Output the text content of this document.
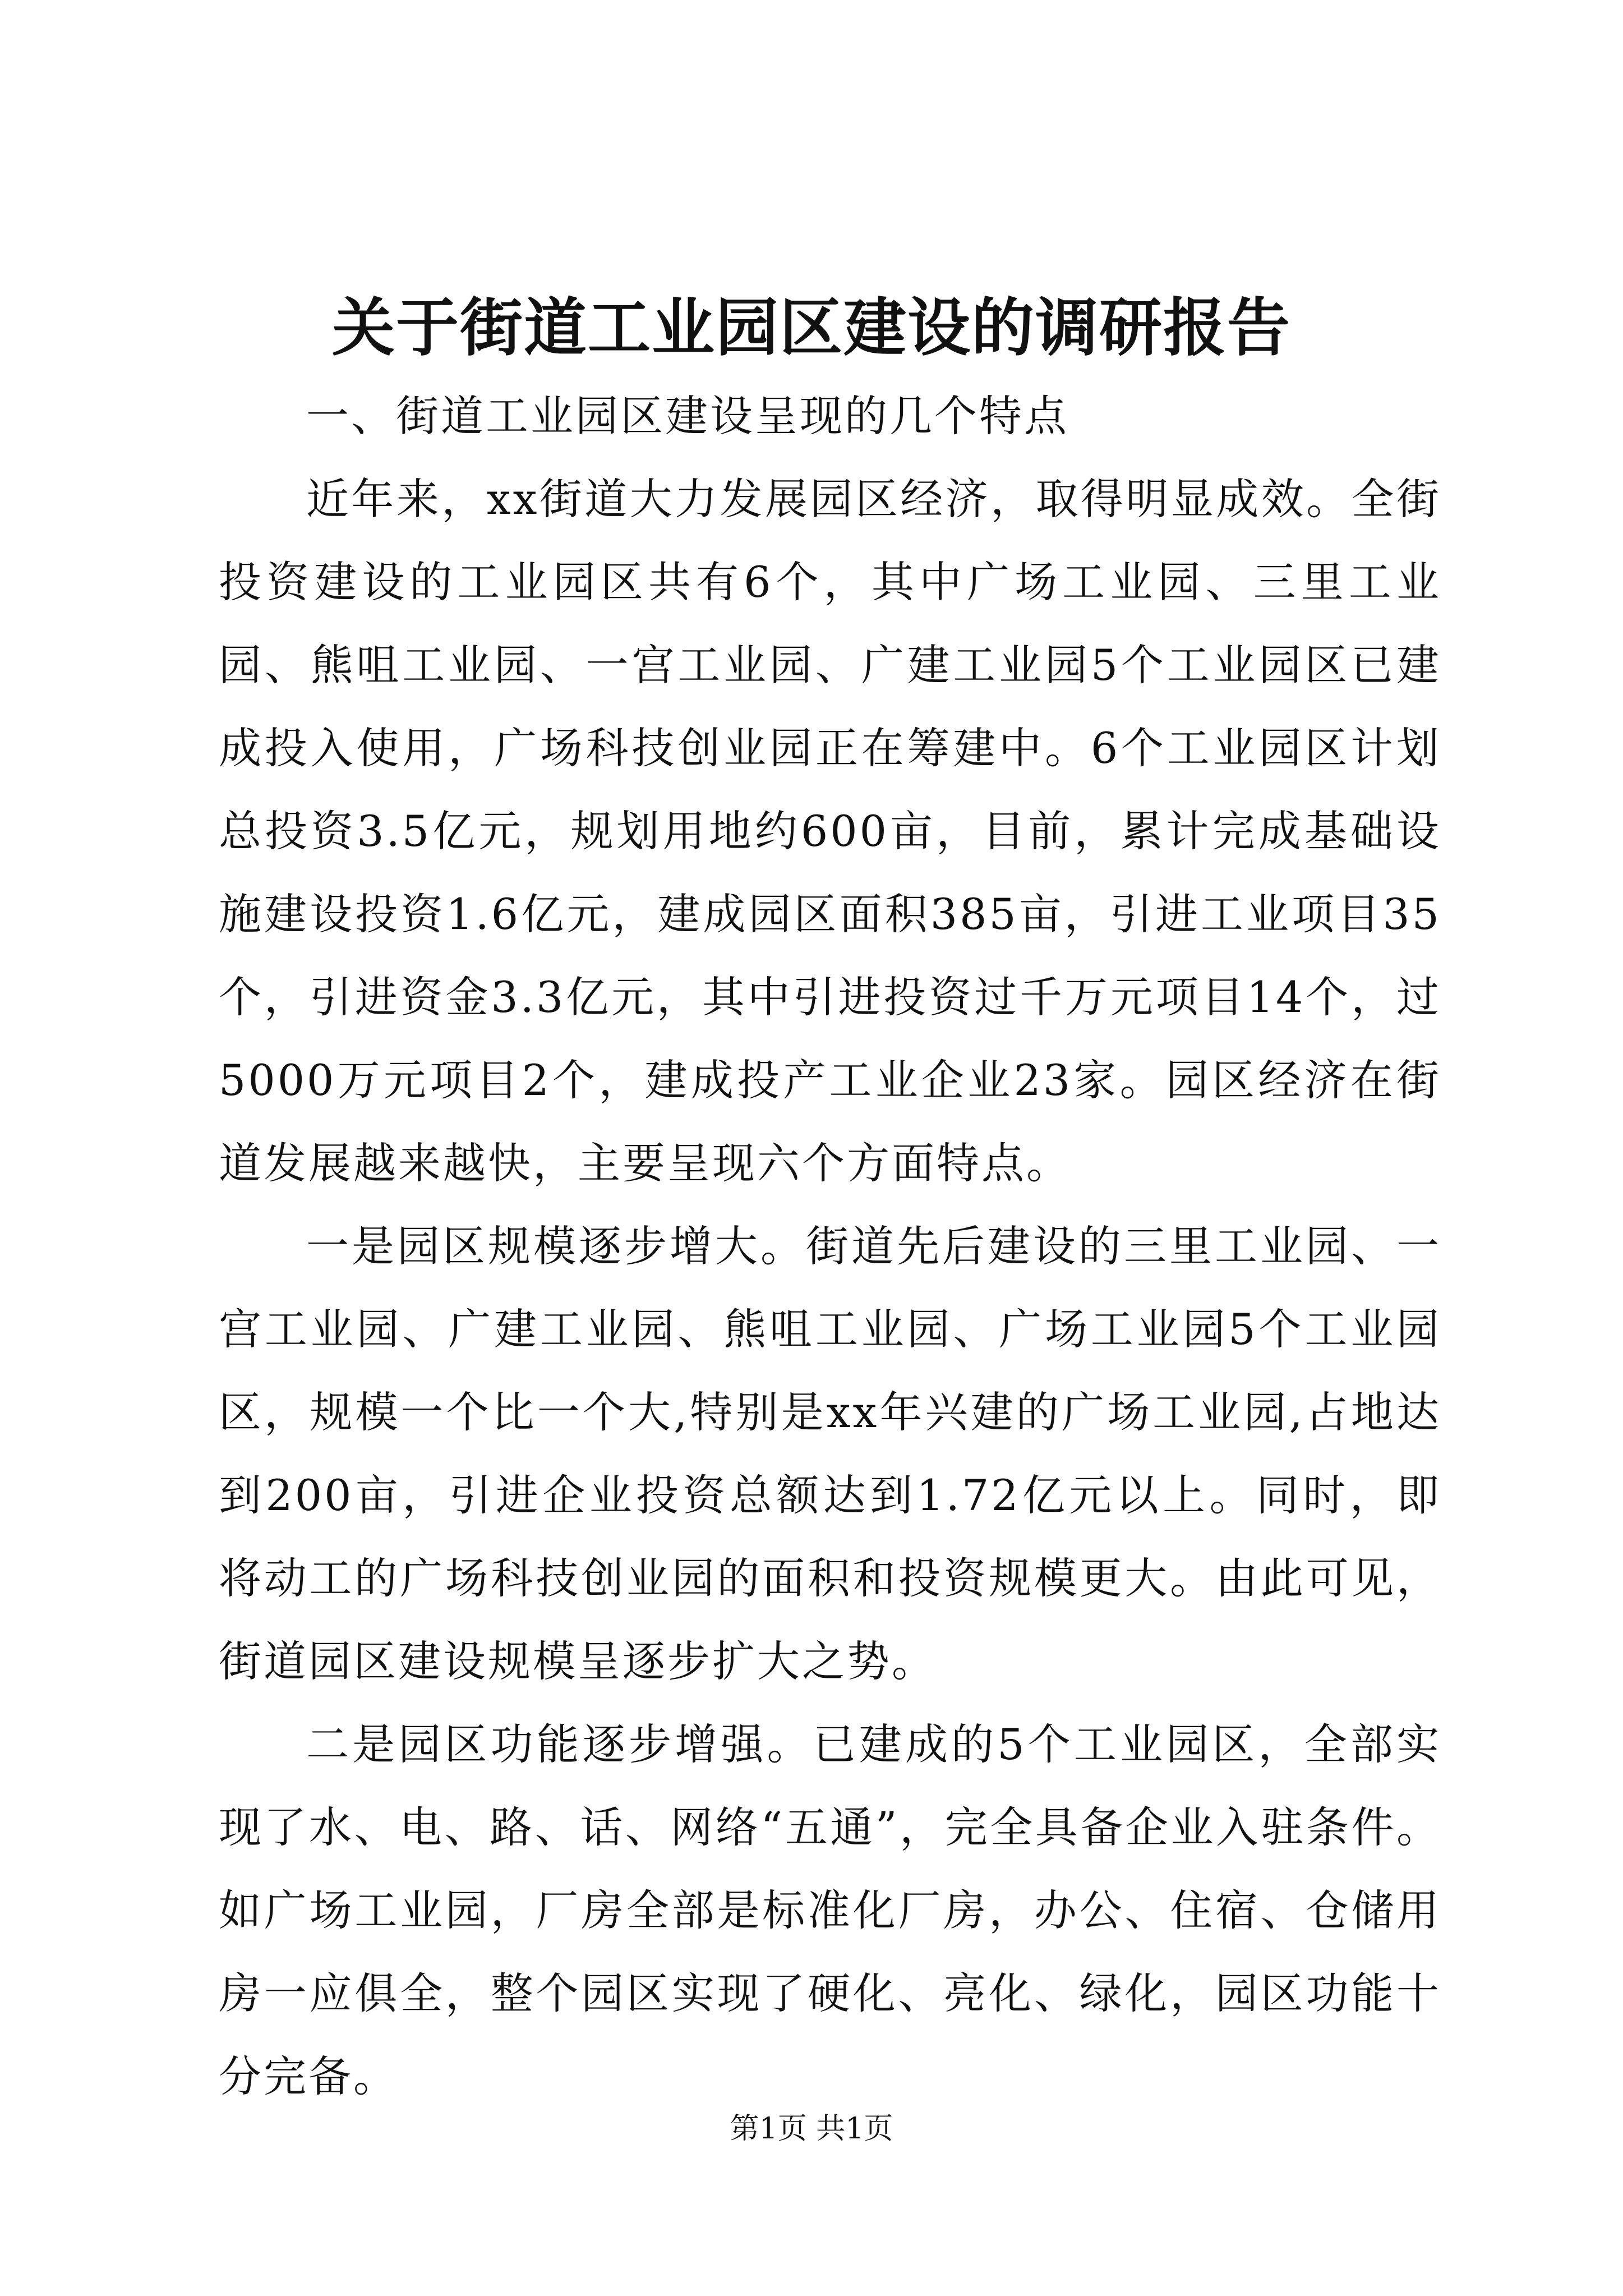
关于街道工业园区建设的调研报告

一、街道工业园区建设呈现的几个特点

近年来，xx街道大力发展园区经济，取得明显成效。全街投资建设的工业园区共有6个，其中广场工业园、三里工业园、熊咀工业园、一宫工业园、广建工业园5个工业园区已建成投入使用，广场科技创业园正在筹建中。6个工业园区计划总投资3.5亿元，规划用地约600亩，目前，累计完成基础设施建设投资1.6亿元，建成园区面积385亩，引进工业项目35个，引进资金3.3亿元，其中引进投资过千万元项目14个，过5000万元项目2个，建成投产工业企业23家。园区经济在街道发展越来越快，主要呈现六个方面特点。

一是园区规模逐步增大。街道先后建设的三里工业园、一宫工业园、广建工业园、熊咀工业园、广场工业园5个工业园区，规模一个比一个大,特别是xx年兴建的广场工业园,占地达到200亩，引进企业投资总额达到1.72亿元以上。同时，即将动工的广场科技创业园的面积和投资规模更大。由此可见，街道园区建设规模呈逐步扩大之势。

二是园区功能逐步增强。已建成的5个工业园区，全部实现了水、电、路、话、网络“五通”，完全具备企业入驻条件。如广场工业园，厂房全部是标准化厂房，办公、住宿、仓储用房一应俱全，整个园区实现了硬化、亮化、绿化，园区功能十分完备。

第1页 共1页
